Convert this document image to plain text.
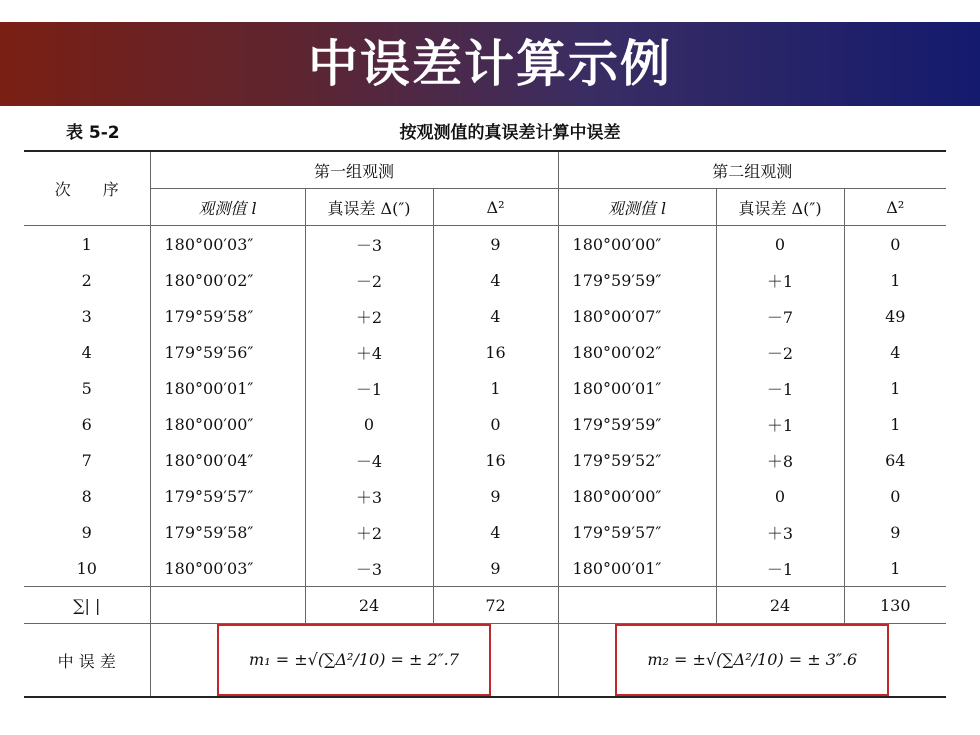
中误差计算示例
表 5-2	按观测值的真误差计算中误差
次　　序	第一组观测			第二组观测		
	观测值 l	真误差 Δ(″)	Δ²	观测值 l	真误差 Δ(″)	Δ²
1	180°00′03″	－3	9	180°00′00″	0	0
2	180°00′02″	－2	4	179°59′59″	＋1	1
3	179°59′58″	＋2	4	180°00′07″	－7	49
4	179°59′56″	＋4	16	180°00′02″	－2	4
5	180°00′01″	－1	1	180°00′01″	－1	1
6	180°00′00″	0	0	179°59′59″	＋1	1
7	180°00′04″	－4	16	179°59′52″	＋8	64
8	179°59′57″	＋3	9	180°00′00″	0	0
9	179°59′58″	＋2	4	179°59′57″	＋3	9
10	180°00′03″	－3	9	180°00′01″	－1	1
∑| |		24	72		24	130
中 误 差	m₁ = ±√(∑Δ²/10) = ± 2″.7			m₂ = ±√(∑Δ²/10) = ± 3″.6		
